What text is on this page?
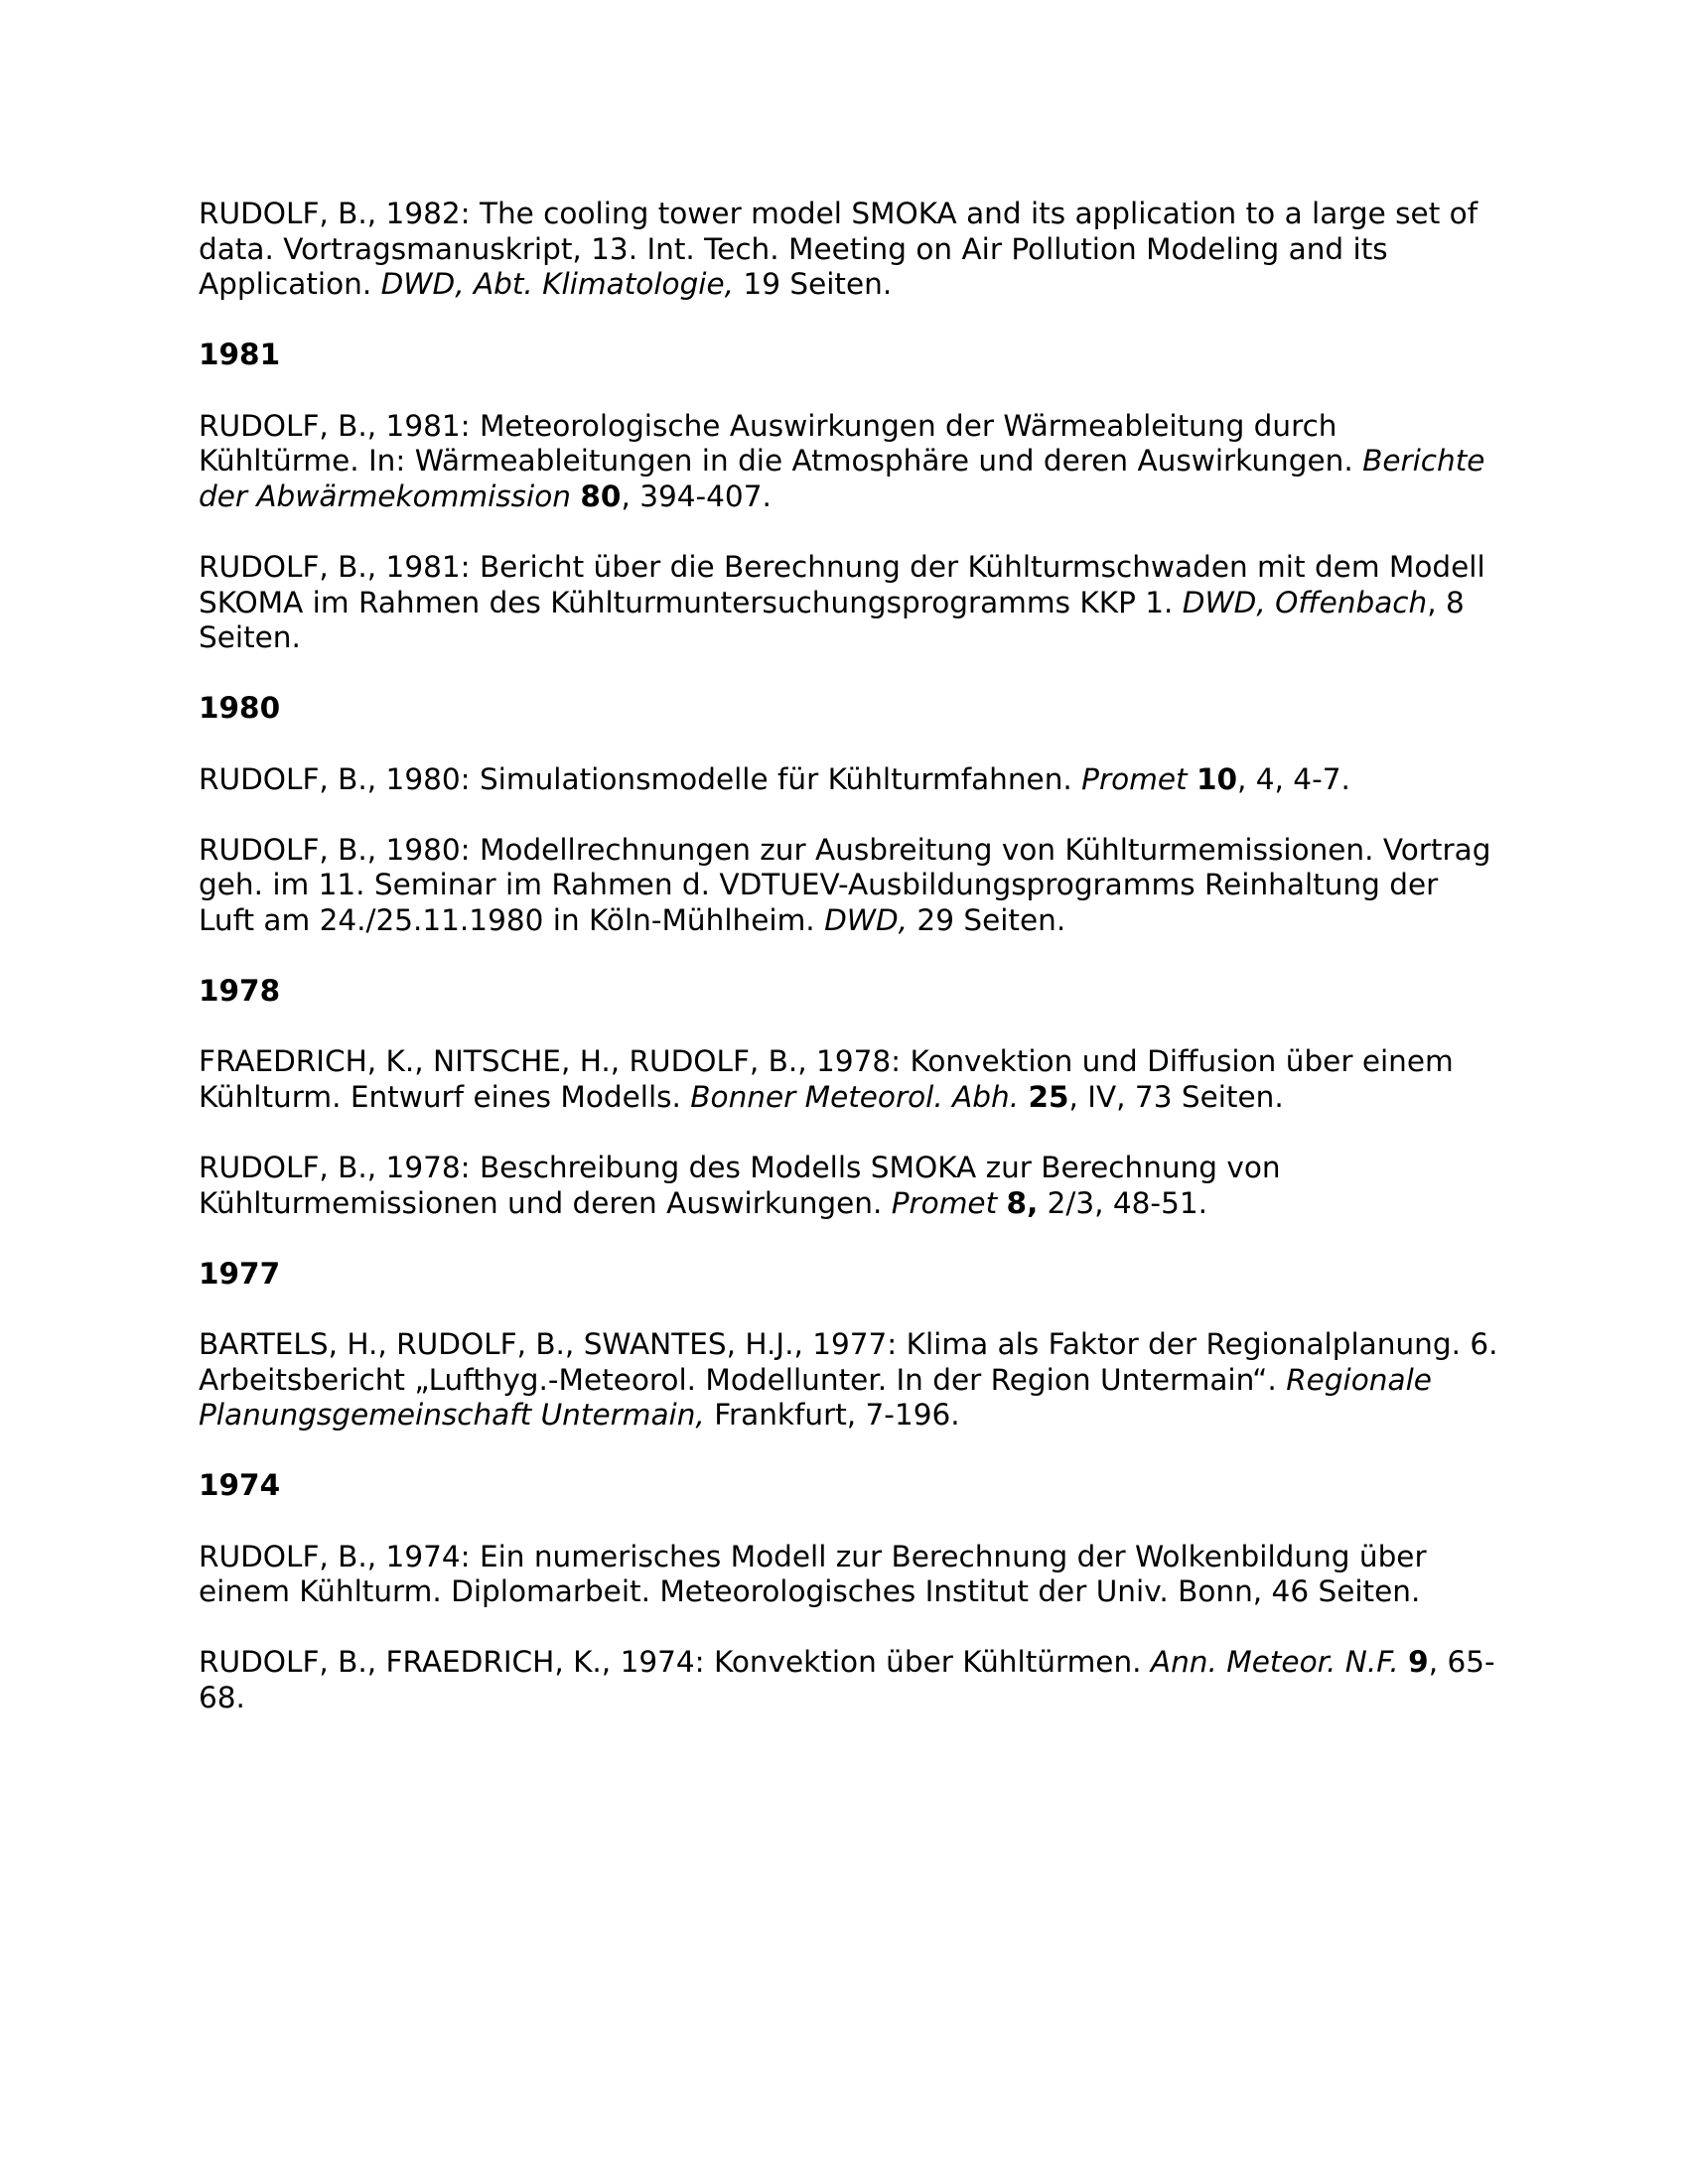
RUDOLF, B., 1982: The cooling tower model SMOKA and its application to a large set of data. Vortragsmanuskript, 13. Int. Tech. Meeting on Air Pollution Modeling and its Application. DWD, Abt. Klimatologie, 19 Seiten.
1981
RUDOLF, B., 1981: Meteorologische Auswirkungen der Wärmeableitung durch Kühltürme. In: Wärmeableitungen in die Atmosphäre und deren Auswirkungen. Berichte der Abwärmekommission 80, 394-407.
RUDOLF, B., 1981: Bericht über die Berechnung der Kühlturmschwaden mit dem Modell SKOMA im Rahmen des Kühlturmuntersuchungsprogramms KKP 1. DWD, Offenbach, 8 Seiten.
1980
RUDOLF, B., 1980: Simulationsmodelle für Kühlturmfahnen. Promet 10, 4, 4-7.
RUDOLF, B., 1980: Modellrechnungen zur Ausbreitung von Kühlturmemissionen. Vortrag geh. im 11. Seminar im Rahmen d. VDTUEV-Ausbildungsprogramms Reinhaltung der Luft am 24./25.11.1980 in Köln-Mühlheim. DWD, 29 Seiten.
1978
FRAEDRICH, K., NITSCHE, H., RUDOLF, B., 1978: Konvektion und Diffusion über einem Kühlturm. Entwurf eines Modells. Bonner Meteorol. Abh. 25, IV, 73 Seiten.
RUDOLF, B., 1978: Beschreibung des Modells SMOKA zur Berechnung von Kühlturmemissionen und deren Auswirkungen. Promet 8, 2/3, 48-51.
1977
BARTELS, H., RUDOLF, B., SWANTES, H.J., 1977: Klima als Faktor der Regionalplanung. 6. Arbeitsbericht „Lufthyg.-Meteorol. Modellunter. In der Region Untermain“. Regionale Planungsgemeinschaft Untermain, Frankfurt, 7-196.
1974
RUDOLF, B., 1974: Ein numerisches Modell zur Berechnung der Wolkenbildung über einem Kühlturm. Diplomarbeit. Meteorologisches Institut der Univ. Bonn, 46 Seiten.
RUDOLF, B., FRAEDRICH, K., 1974: Konvektion über Kühltürmen. Ann. Meteor. N.F. 9, 65-68.
